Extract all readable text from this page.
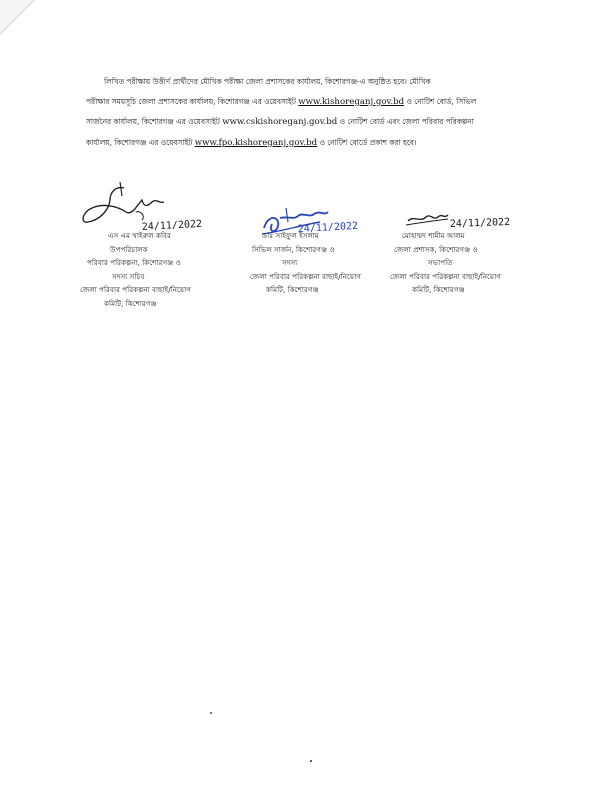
লিখিত পরীক্ষায় উত্তীর্ণ প্রার্থীদের মৌখিক পরীক্ষা জেলা প্রশাসকের কার্যালয়, কিশোরগঞ্জ-এ অনুষ্ঠিত হবে। মৌখিক
পরীক্ষার সময়সূচি জেলা প্রশাসকের কার্যালয়, কিশোরগঞ্জ এর ওয়েবসাইট www.kishoreganj.gov.bd ও নোটিশ বোর্ড, সিভিল
সার্জনের কার্যালয়, কিশোরগঞ্জ এর ওয়েবসাইট www.cskishoreganj.gov.bd ও নোটিশ বোর্ড এবং জেলা পরিবার পরিকল্পনা
কার্যালয়, কিশোরগঞ্জ এর ওয়েবসাইট www.fpo.kishoreganj.gov.bd ও নোটিশ বোর্ডে প্রকাশ করা হবে।
24/11/2022	24/11/2022	24/11/2022
এস এম খাইরুল কবির
উপপরিচালক
পরিবার পরিকল্পনা, কিশোরগঞ্জ ও
সদস্য সচিব
জেলা পরিবার পরিকল্পনা বাছাই/নিয়োগ
কমিটি, কিশোরগঞ্জ
ডাঃ সাইফুল ইসলাম
সিভিল সার্জন, কিশোরগঞ্জ ও
সদস্য
জেলা পরিবার পরিকল্পনা বাছাই/নিয়োগ
কমিটি, কিশোরগঞ্জ
মোহাম্মদ শামীম আলম
জেলা প্রশাসক, কিশোরগঞ্জ ও
সভাপতি
জেলা পরিবার পরিকল্পনা বাছাই/নিয়োগ
কমিটি, কিশোরগঞ্জ
